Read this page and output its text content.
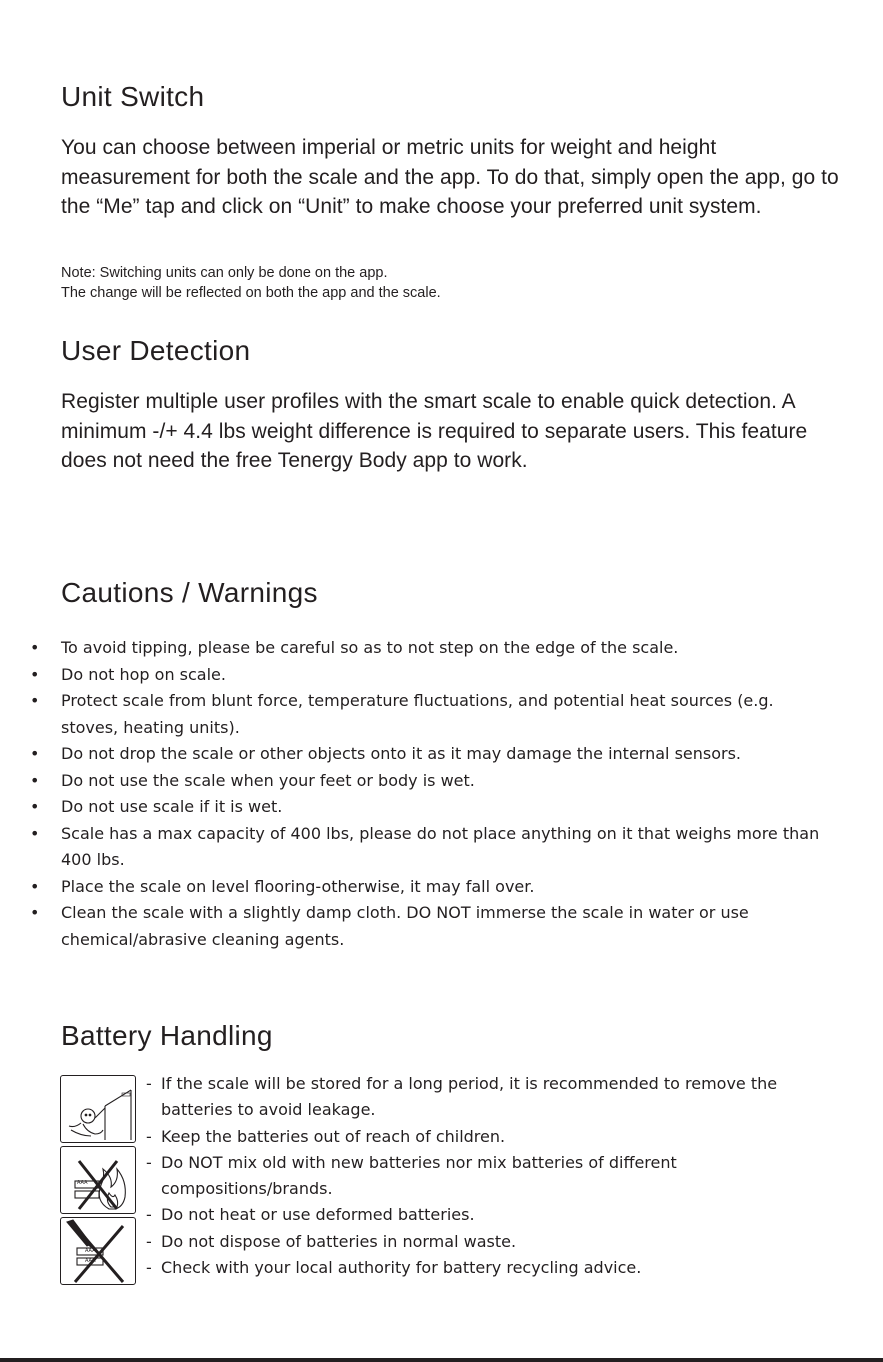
Unit Switch

You can choose between imperial or metric units for weight and height measurement for both the scale and the app. To do that, simply open the app, go to the “Me” tap and click on “Unit” to make choose your preferred unit system.

Note: Switching units can only be done on the app.
The change will be reflected on both the app and the scale.

User Detection

Register multiple user profiles with the smart scale to enable quick detection. A minimum -/+ 4.4 lbs weight difference is required to separate users. This feature does not need the free Tenergy Body app to work.

Cautions / Warnings
•	To avoid tipping, please be careful so as to not step on the edge of the scale.
•	Do not hop on scale.
•	Protect scale from blunt force, temperature fluctuations, and potential heat sources (e.g. stoves, heating units).
•	Do not drop the scale or other objects onto it as it may damage the internal sensors.
•	Do not use the scale when your feet or body is wet.
•	Do not use scale if it is wet.
•	Scale has a max capacity of 400 lbs, please do not place anything on it that weighs more than 400 lbs.
•	Place the scale on level flooring-otherwise, it may fall over.
•	Clean the scale with a slightly damp cloth. DO NOT immerse the scale in water or use chemical/abrasive cleaning agents.
Battery Handling
AAA
AAA
AAA
- If the scale will be stored for a long period, it is recommended to remove the batteries to avoid leakage.
- Keep the batteries out of reach of children.
- Do NOT mix old with new batteries nor mix batteries of different compositions/brands.
- Do not heat or use deformed batteries.
- Do not dispose of batteries in normal waste.
- Check with your local authority for battery recycling advice.
